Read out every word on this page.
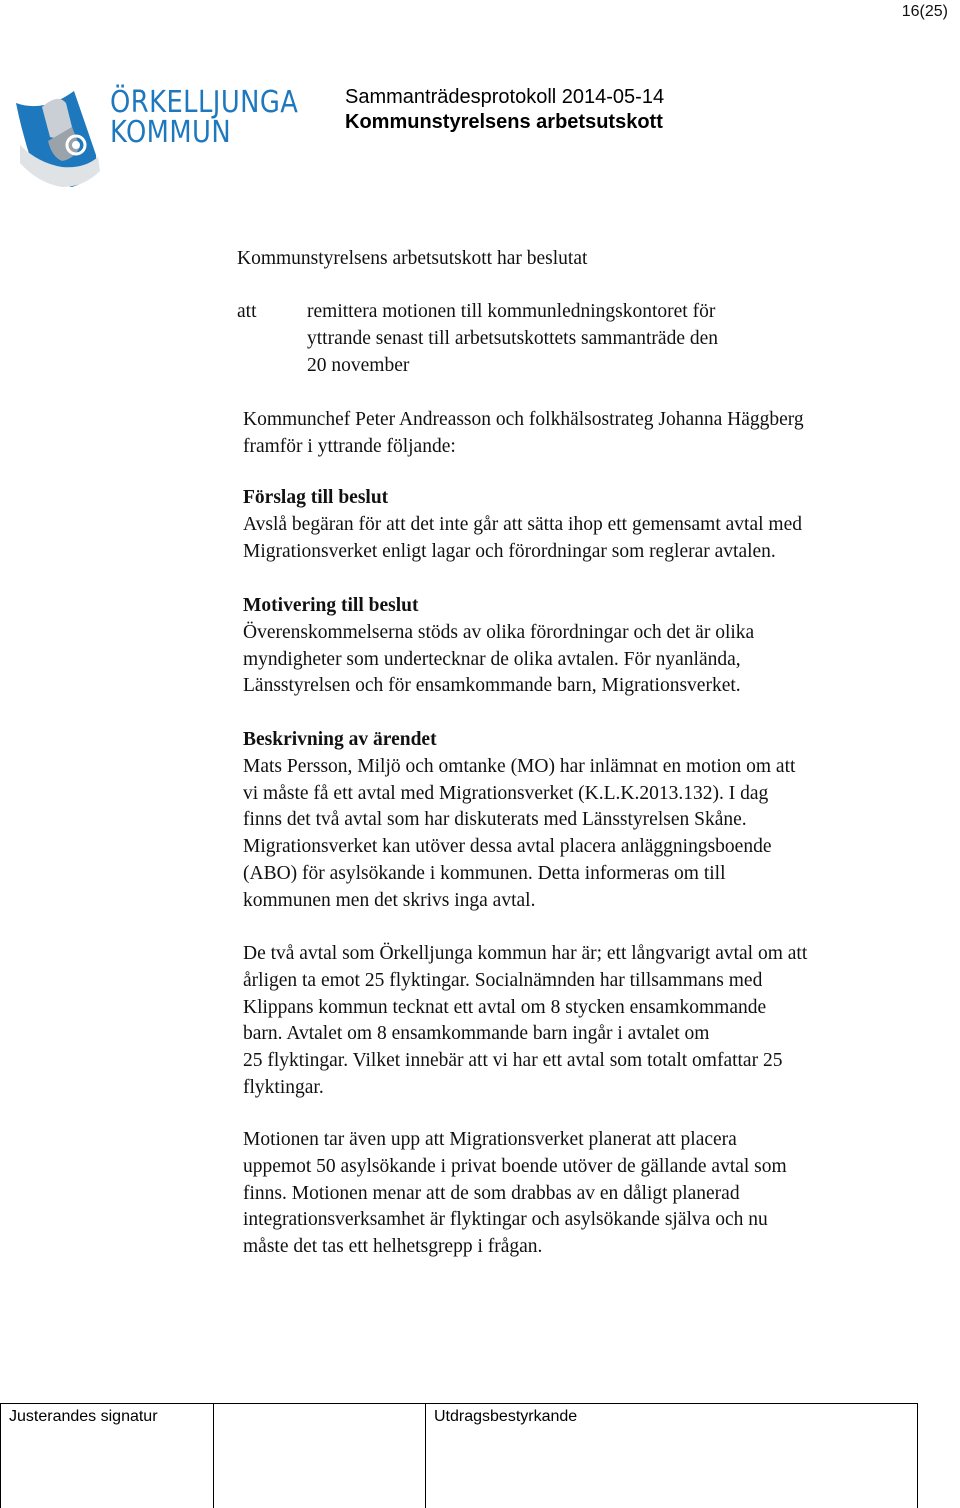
16(25)
ÖRKELLJUNGA
KOMMUN
Sammanträdesprotokoll 2014-05-14
Kommunstyrelsens arbetsutskott
Kommunstyrelsens arbetsutskott har beslutat
att	remittera motionen till kommunledningskontoret för

yttrande senast till arbetsutskottets sammanträde den

20 november

Kommunchef Peter Andreasson och folkhälsostrateg Johanna Häggberg

framför i yttrande följande:

Förslag till beslut

Avslå begäran för att det inte går att sätta ihop ett gemensamt avtal med

Migrationsverket enligt lagar och förordningar som reglerar avtalen.

Motivering till beslut

Överenskommelserna stöds av olika förordningar och det är olika

myndigheter som undertecknar de olika avtalen. För nyanlända,

Länsstyrelsen och för ensamkommande barn, Migrationsverket.

Beskrivning av ärendet

Mats Persson, Miljö och omtanke (MO) har inlämnat en motion om att

vi måste få ett avtal med Migrationsverket (K.L.K.2013.132). I dag

finns det två avtal som har diskuterats med Länsstyrelsen Skåne.

Migrationsverket kan utöver dessa avtal placera anläggningsboende

(ABO) för asylsökande i kommunen. Detta informeras om till

kommunen men det skrivs inga avtal.

De två avtal som Örkelljunga kommun har är; ett långvarigt avtal om att

årligen ta emot 25 flyktingar. Socialnämnden har tillsammans med

Klippans kommun tecknat ett avtal om 8 stycken ensamkommande

barn. Avtalet om 8 ensamkommande barn ingår i avtalet om

25 flyktingar. Vilket innebär att vi har ett avtal som totalt omfattar 25

flyktingar.

Motionen tar även upp att Migrationsverket planerat att placera

uppemot 50 asylsökande i privat boende utöver de gällande avtal som

finns. Motionen menar att de som drabbas av en dåligt planerad

integrationsverksamhet är flyktingar och asylsökande själva och nu

måste det tas ett helhetsgrepp i frågan.

Justerandes signatur	Utdragsbestyrkande
